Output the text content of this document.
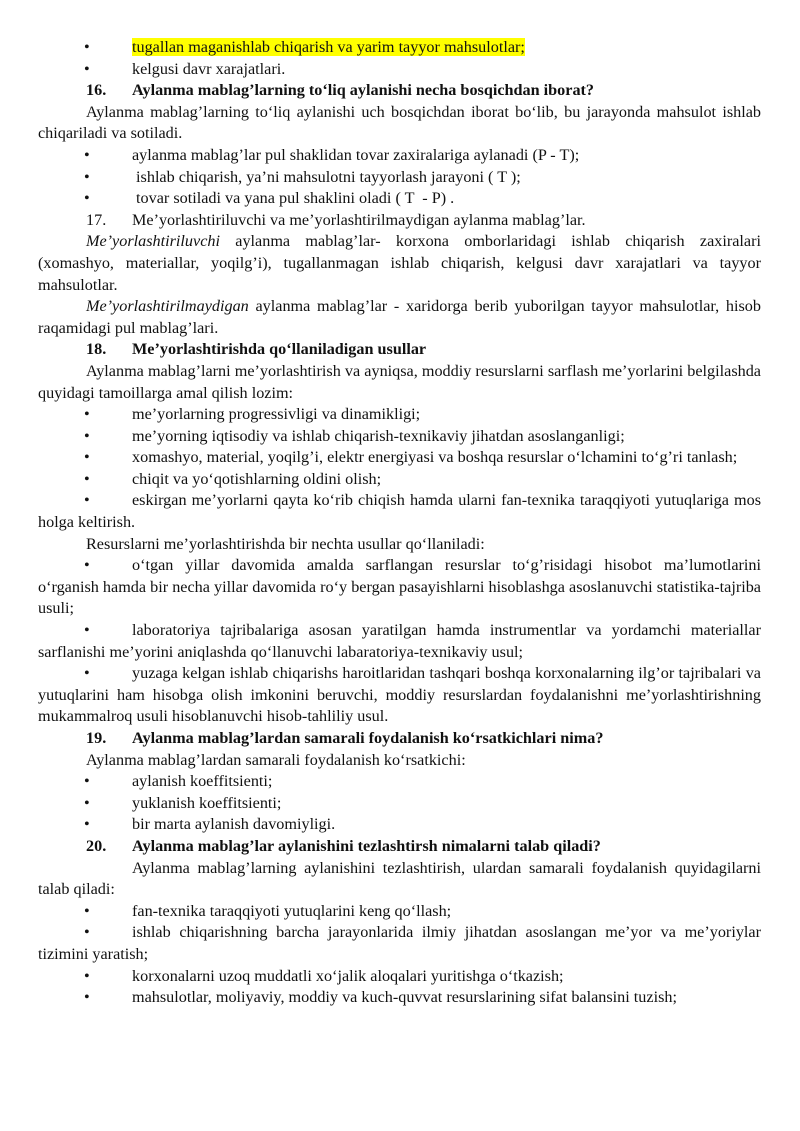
•	tugallan maganishlab chiqarish va yarim tayyor mahsulotlar;
•	kelgusi davr xarajatlari.
16. Aylanma mablag’larning to‘liq aylanishi necha bosqichdan iborat?

Aylanma mablag’larning to‘liq aylanishi uch bosqichdan iborat bo‘lib, bu jarayonda mahsulot ishlab chiqariladi va sotiladi.

•	aylanma mablag’lar pul shaklidan tovar zaxiralariga aylanadi (P - T);
•	ishlab chiqarish, ya’ni mahsulotni tayyorlash jarayoni ( T );
•	tovar sotiladi va yana pul shaklini oladi ( T  - P) .
17. Me’yorlashtiriluvchi va me’yorlashtirilmaydigan aylanma mablag’lar.

Me’yorlashtiriluvchi aylanma mablag’lar- korxona omborlaridagi ishlab chiqarish zaxiralari (xomashyo, materiallar, yoqilg’i), tugallanmagan ishlab chiqarish, kelgusi davr xarajatlari va tayyor mahsulotlar.

Me’yorlashtirilmaydigan aylanma mablag’lar - xaridorga berib yuborilgan tayyor mahsulotlar, hisob raqamidagi pul mablag’lari.

18. Me’yorlashtirishda qo‘llaniladigan usullar

Aylanma mablag’larni me’yorlashtirish va ayniqsa, moddiy resurslarni sarflash me’yorlarini belgilashda quyidagi tamoillarga amal qilish lozim:

•	me’yorlarning progressivligi va dinamikligi;
•	me’yorning iqtisodiy va ishlab chiqarish-texnikaviy jihatdan asoslanganligi;
•	xomashyo, material, yoqilg’i, elektr energiyasi va boshqa resurslar o‘lchamini to‘g’ri tanlash;
•	chiqit va yo‘qotishlarning oldini olish;
•	eskirgan me’yorlarni qayta ko‘rib chiqish hamda ularni fan-texnika taraqqiyoti yutuqlariga mos holga keltirish.

Resurslarni me’yorlashtirishda bir nechta usullar qo‘llaniladi:

•	o‘tgan yillar davomida amalda sarflangan resurslar to‘g’risidagi hisobot ma’lumotlarini o‘rganish hamda bir necha yillar davomida ro‘y bergan pasayishlarni hisoblashga asoslanuvchi statistika-tajriba usuli;
•	laboratoriya tajribalariga asosan yaratilgan hamda instrumentlar va yordamchi materiallar sarflanishi me’yorini aniqlashda qo‘llanuvchi labaratoriya-texnikaviy usul;
•	yuzaga kelgan ishlab chiqarishs haroitlaridan tashqari boshqa korxonalarning ilg’or tajribalari va yutuqlarini ham hisobga olish imkonini beruvchi, moddiy resurslardan foydalanishni me’yorlashtirishning mukammalroq usuli hisoblanuvchi hisob-tahliliy usul.
19. Aylanma mablag’lardan samarali foydalanish ko‘rsatkichlari nima?

Aylanma mablag’lardan samarali foydalanish ko‘rsatkichi:

•	aylanish koeffitsienti;
•	yuklanish koeffitsienti;
•	bir marta aylanish davomiyligi.
20. Aylanma mablag’lar aylanishini tezlashtirsh nimalarni talab qiladi?

Aylanma mablag’larning aylanishini tezlashtirish, ulardan samarali foydalanish quyidagilarni talab qiladi:

•	fan-texnika taraqqiyoti yutuqlarini keng qo‘llash;
•	ishlab chiqarishning barcha jarayonlarida ilmiy jihatdan asoslangan me’yor va me’yoriylar tizimini yaratish;
•	korxonalarni uzoq muddatli xo‘jalik aloqalari yuritishga o‘tkazish;
•	mahsulotlar, moliyaviy, moddiy va kuch-quvvat resurslarining sifat balansini tuzish;
